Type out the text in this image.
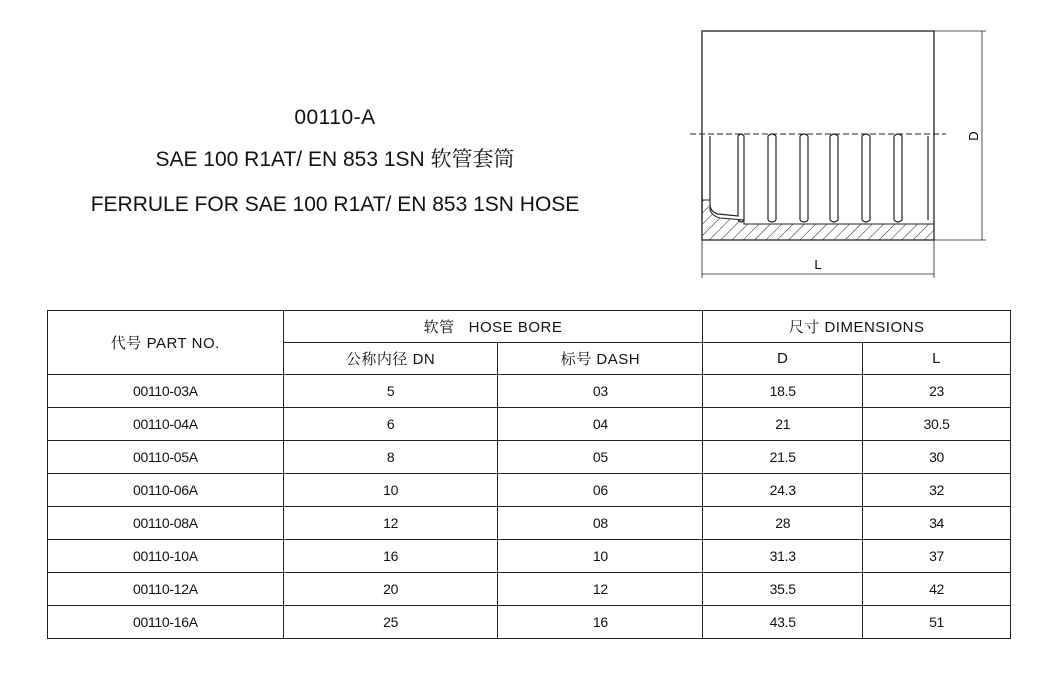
00110-A
SAE 100 R1AT/ EN 853 1SN 软管套筒
FERRULE FOR SAE 100 R1AT/ EN 853 1SN HOSE
D
L
代号 PART NO.	软管   HOSE BORE		尺寸 DIMENSIONS	
	公称内径 DN	标号 DASH	D	L
00110-03A	5	03	18.5	23
00110-04A	6	04	21	30.5
00110-05A	8	05	21.5	30
00110-06A	10	06	24.3	32
00110-08A	12	08	28	34
00110-10A	16	10	31.3	37
00110-12A	20	12	35.5	42
00110-16A	25	16	43.5	51
